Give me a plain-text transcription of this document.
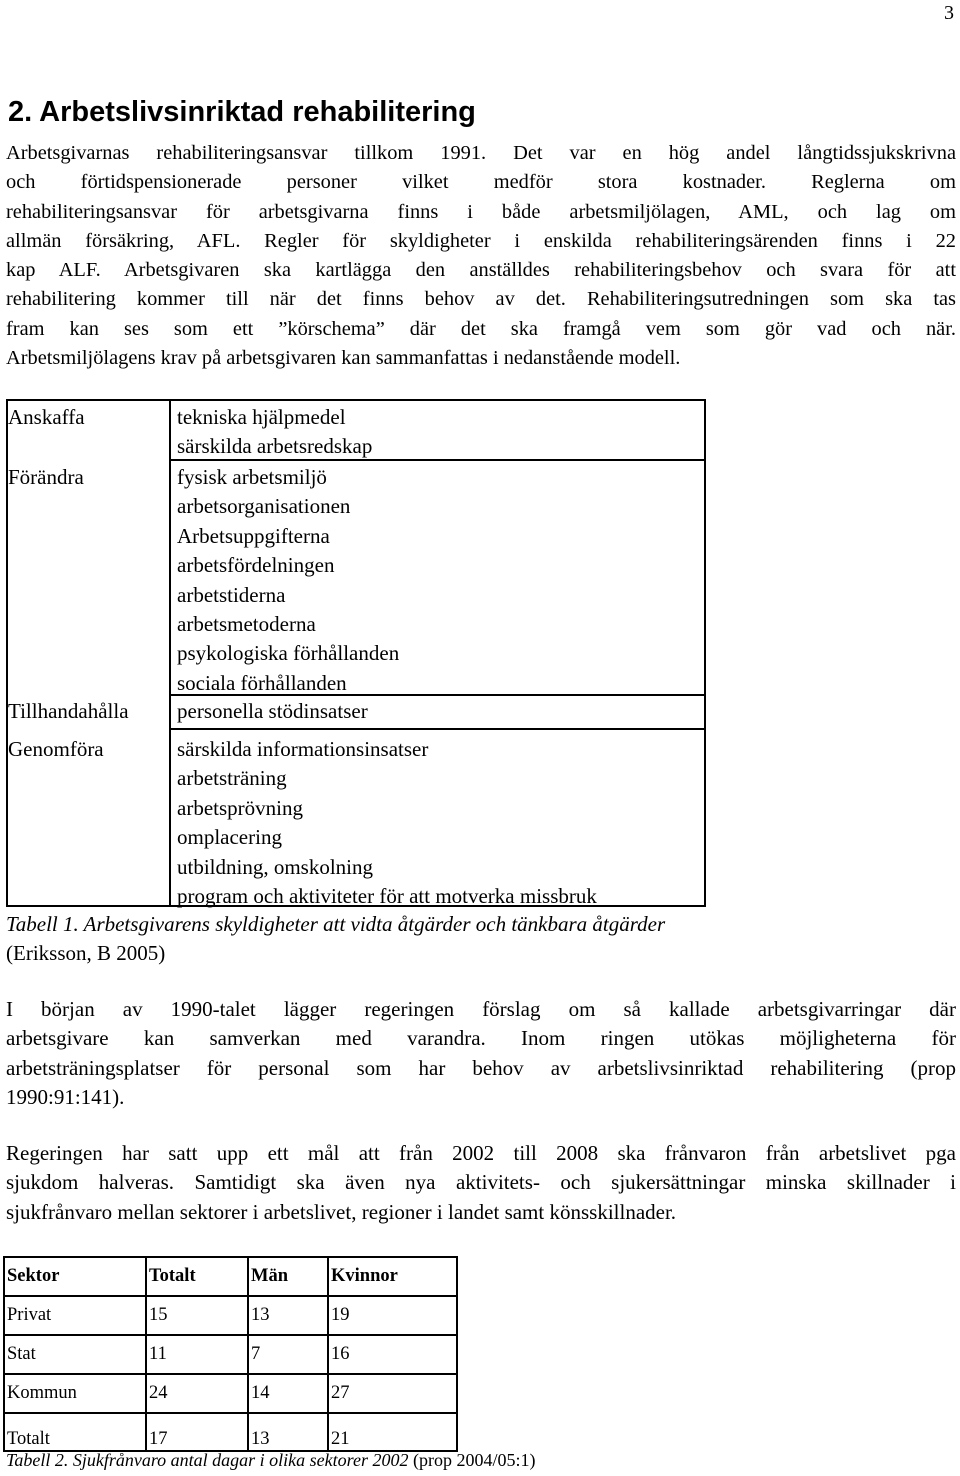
3
2. Arbetslivsinriktad rehabilitering
Arbetsgivarnas rehabiliteringsansvar tillkom 1991. Det var en hög andel långtidssjukskrivna
och förtidspensionerade personer vilket medför stora kostnader. Reglerna om
rehabiliteringsansvar för arbetsgivarna finns i både arbetsmiljölagen, AML, och lag om
allmän försäkring, AFL. Regler för skyldigheter i enskilda rehabiliteringsärenden finns i 22
kap ALF. Arbetsgivaren ska kartlägga den anställdes rehabiliteringsbehov och svara för att
rehabilitering kommer till när det finns behov av det. Rehabiliteringsutredningen som ska tas
fram kan ses som ett ”körschema” där det ska framgå vem som gör vad och när.
Arbetsmiljölagens krav på arbetsgivaren kan sammanfattas i nedanstående modell.
Anskaffa	tekniska hjälpmedel
särskilda arbetsredskap
Förändra	fysisk arbetsmiljö
arbetsorganisationen
Arbetsuppgifterna
arbetsfördelningen
arbetstiderna
arbetsmetoderna
psykologiska förhållanden
sociala förhållanden
Tillhandahålla personella stödinsatser
Genomföra	särskilda informationsinsatser
arbetsträning
arbetsprövning
omplacering
utbildning, omskolning
program och aktiviteter för att motverka missbruk

Tabell 1. Arbetsgivarens skyldigheter att vidta åtgärder och tänkbara åtgärder
(Eriksson, B 2005)

I början av 1990-talet lägger regeringen förslag om så kallade arbetsgivarringar där
arbetsgivare kan samverkan med varandra. Inom ringen utökas möjligheterna för
arbetsträningsplatser för personal som har behov av arbetslivsinriktad rehabilitering (prop
1990:91:141).
Regeringen har satt upp ett mål att från 2002 till 2008 ska frånvaron från arbetslivet pga
sjukdom halveras. Samtidigt ska även nya aktivitets- och sjukersättningar minska skillnader i
sjukfrånvaro mellan sektorer i arbetslivet, regioner i landet samt könsskillnader.
Sektor	Totalt	Män	Kvinnor
Privat	15	13	19
Stat	11	7	16
Kommun	24	14	27
Totalt	17	13	21

Tabell 2. Sjukfrånvaro antal dagar i olika sektorer 2002 (prop 2004/05:1)
